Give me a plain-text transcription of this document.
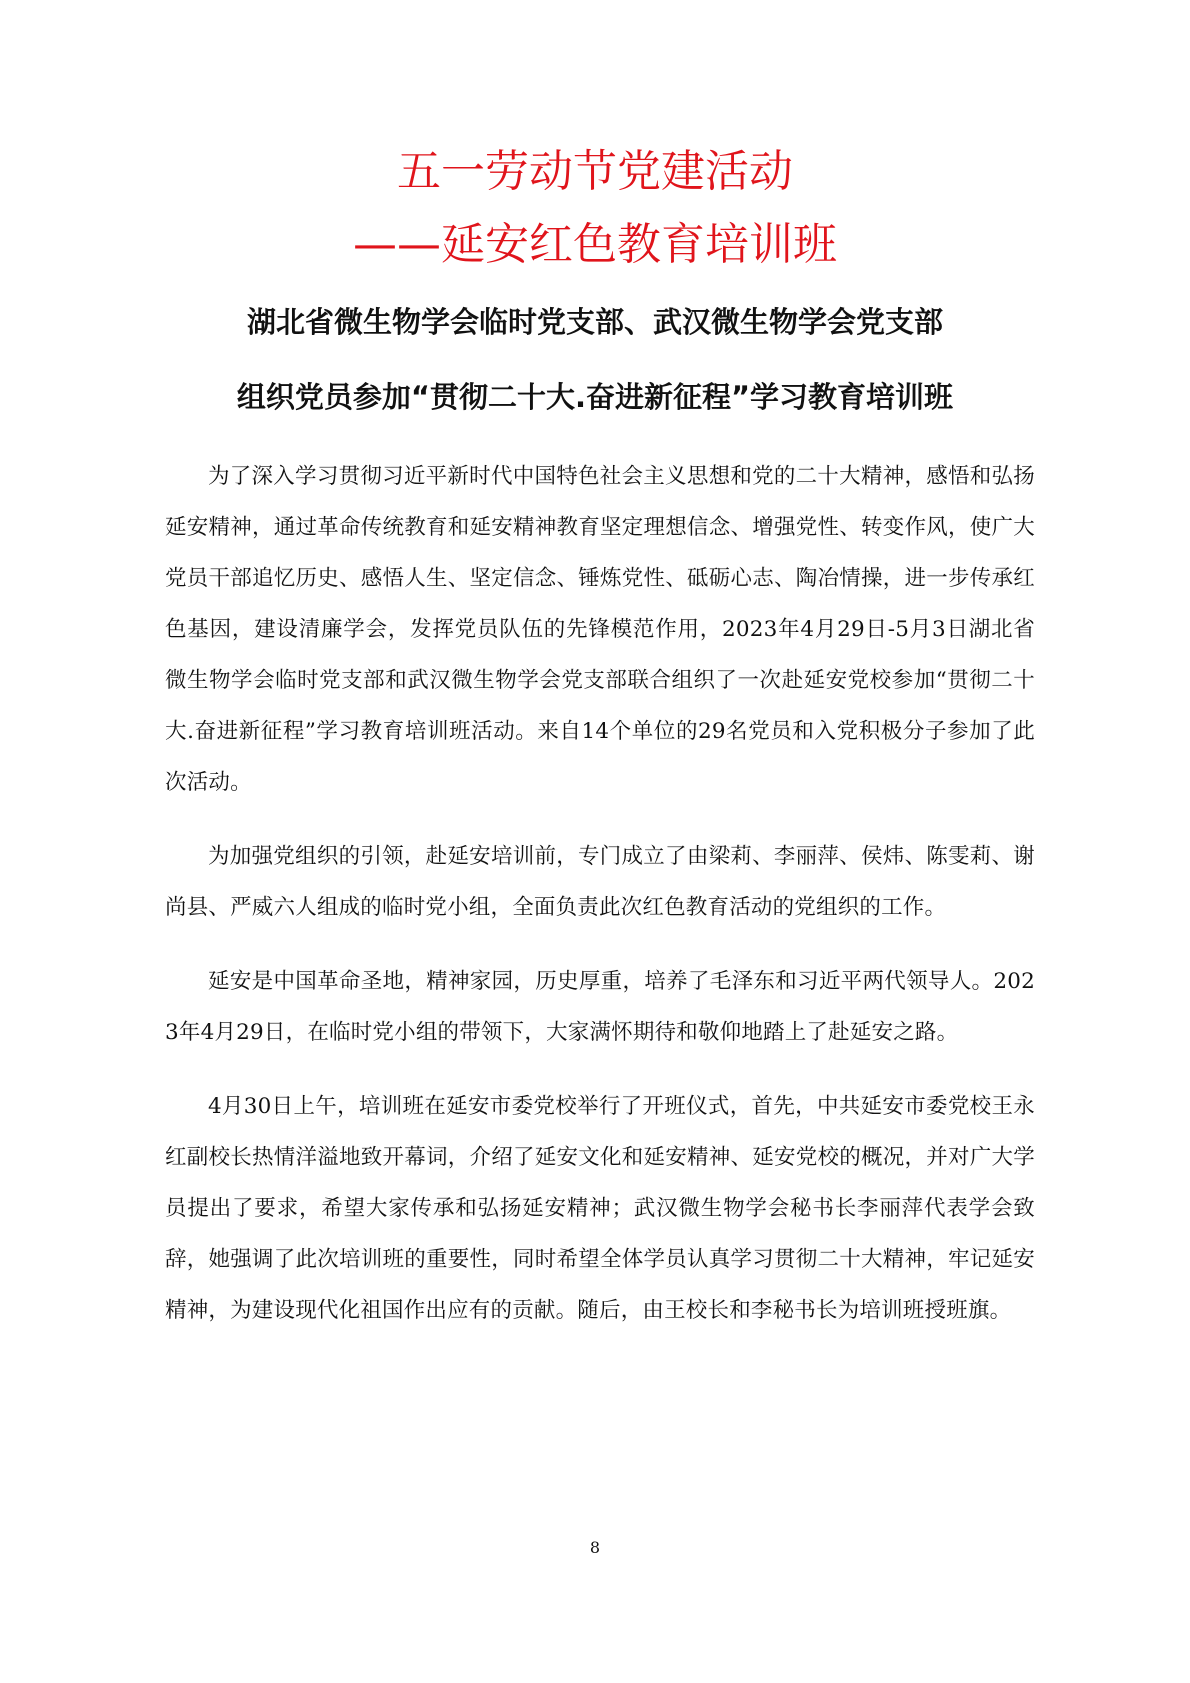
五一劳动节党建活动
——延安红色教育培训班
湖北省微生物学会临时党支部、武汉微生物学会党支部
组织党员参加“贯彻二十大.奋进新征程”学习教育培训班

为了深入学习贯彻习近平新时代中国特色社会主义思想和党的二十大精神，感悟和弘扬延安精神，通过革命传统教育和延安精神教育坚定理想信念、增强党性、转变作风，使广大党员干部追忆历史、感悟人生、坚定信念、锤炼党性、砥砺心志、陶冶情操，进一步传承红色基因，建设清廉学会，发挥党员队伍的先锋模范作用，2023年4月29日-5月3日湖北省微生物学会临时党支部和武汉微生物学会党支部联合组织了一次赴延安党校参加“贯彻二十大.奋进新征程”学习教育培训班活动。来自14个单位的29名党员和入党积极分子参加了此次活动。

为加强党组织的引领，赴延安培训前，专门成立了由梁莉、李丽萍、侯炜、陈雯莉、谢尚县、严威六人组成的临时党小组，全面负责此次红色教育活动的党组织的工作。

延安是中国革命圣地，精神家园，历史厚重，培养了毛泽东和习近平两代领导人。2023年4月29日，在临时党小组的带领下，大家满怀期待和敬仰地踏上了赴延安之路。

4月30日上午，培训班在延安市委党校举行了开班仪式，首先，中共延安市委党校王永红副校长热情洋溢地致开幕词，介绍了延安文化和延安精神、延安党校的概况，并对广大学员提出了要求，希望大家传承和弘扬延安精神；武汉微生物学会秘书长李丽萍代表学会致辞，她强调了此次培训班的重要性，同时希望全体学员认真学习贯彻二十大精神，牢记延安精神，为建设现代化祖国作出应有的贡献。随后，由王校长和李秘书长为培训班授班旗。

8
